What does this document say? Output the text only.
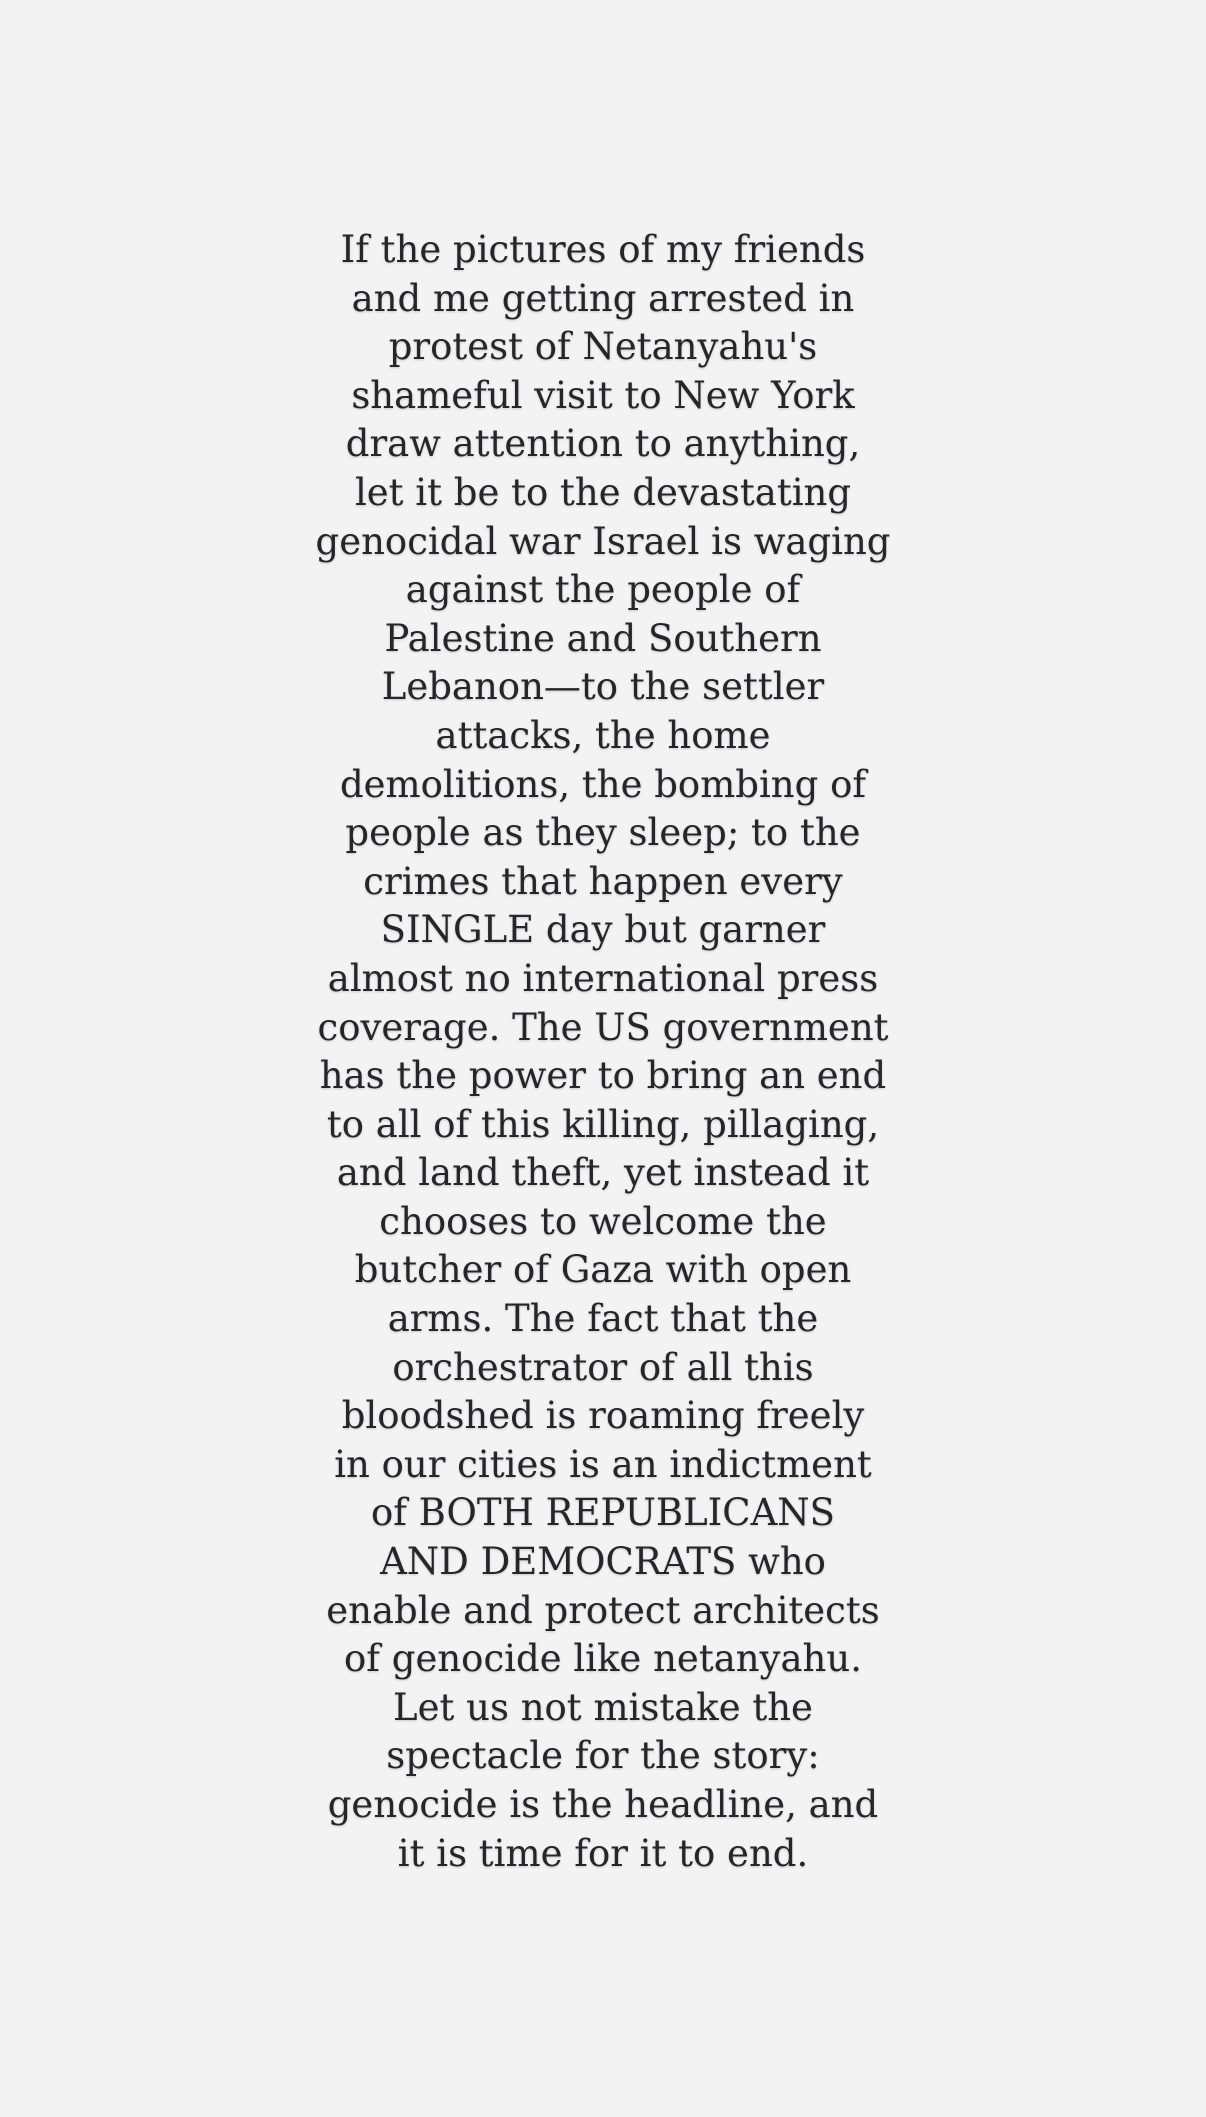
If the pictures of my friends
and me getting arrested in
protest of Netanyahu's
shameful visit to New York
draw attention to anything,
let it be to the devastating
genocidal war Israel is waging
against the people of
Palestine and Southern
Lebanon—to the settler
attacks, the home
demolitions, the bombing of
people as they sleep; to the
crimes that happen every
SINGLE day but garner
almost no international press
coverage. The US government
has the power to bring an end
to all of this killing, pillaging,
and land theft, yet instead it
chooses to welcome the
butcher of Gaza with open
arms. The fact that the
orchestrator of all this
bloodshed is roaming freely
in our cities is an indictment
of BOTH REPUBLICANS
AND DEMOCRATS who
enable and protect architects
of genocide like netanyahu.
Let us not mistake the
spectacle for the story:
genocide is the headline, and
it is time for it to end.
